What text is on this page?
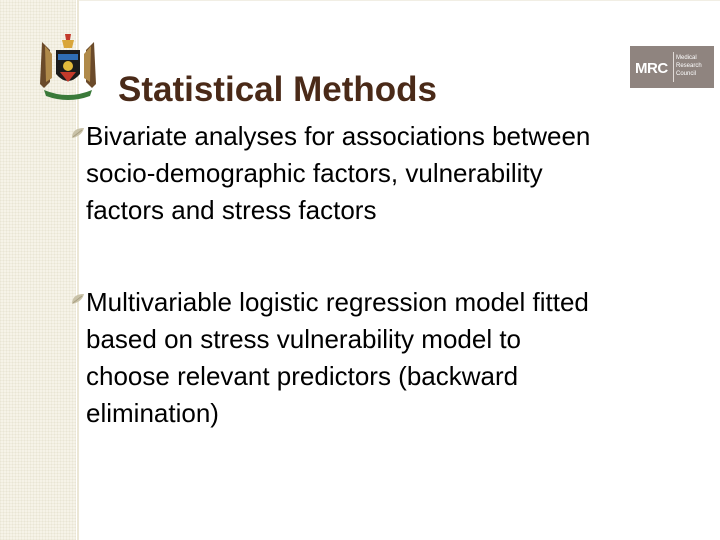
MRC
Medical
Research
Council
Statistical Methods

Bivariate analyses for associations between
socio-demographic factors, vulnerability
factors and stress factors

Multivariable logistic regression model fitted
based on stress vulnerability model to
choose relevant predictors (backward
elimination)
